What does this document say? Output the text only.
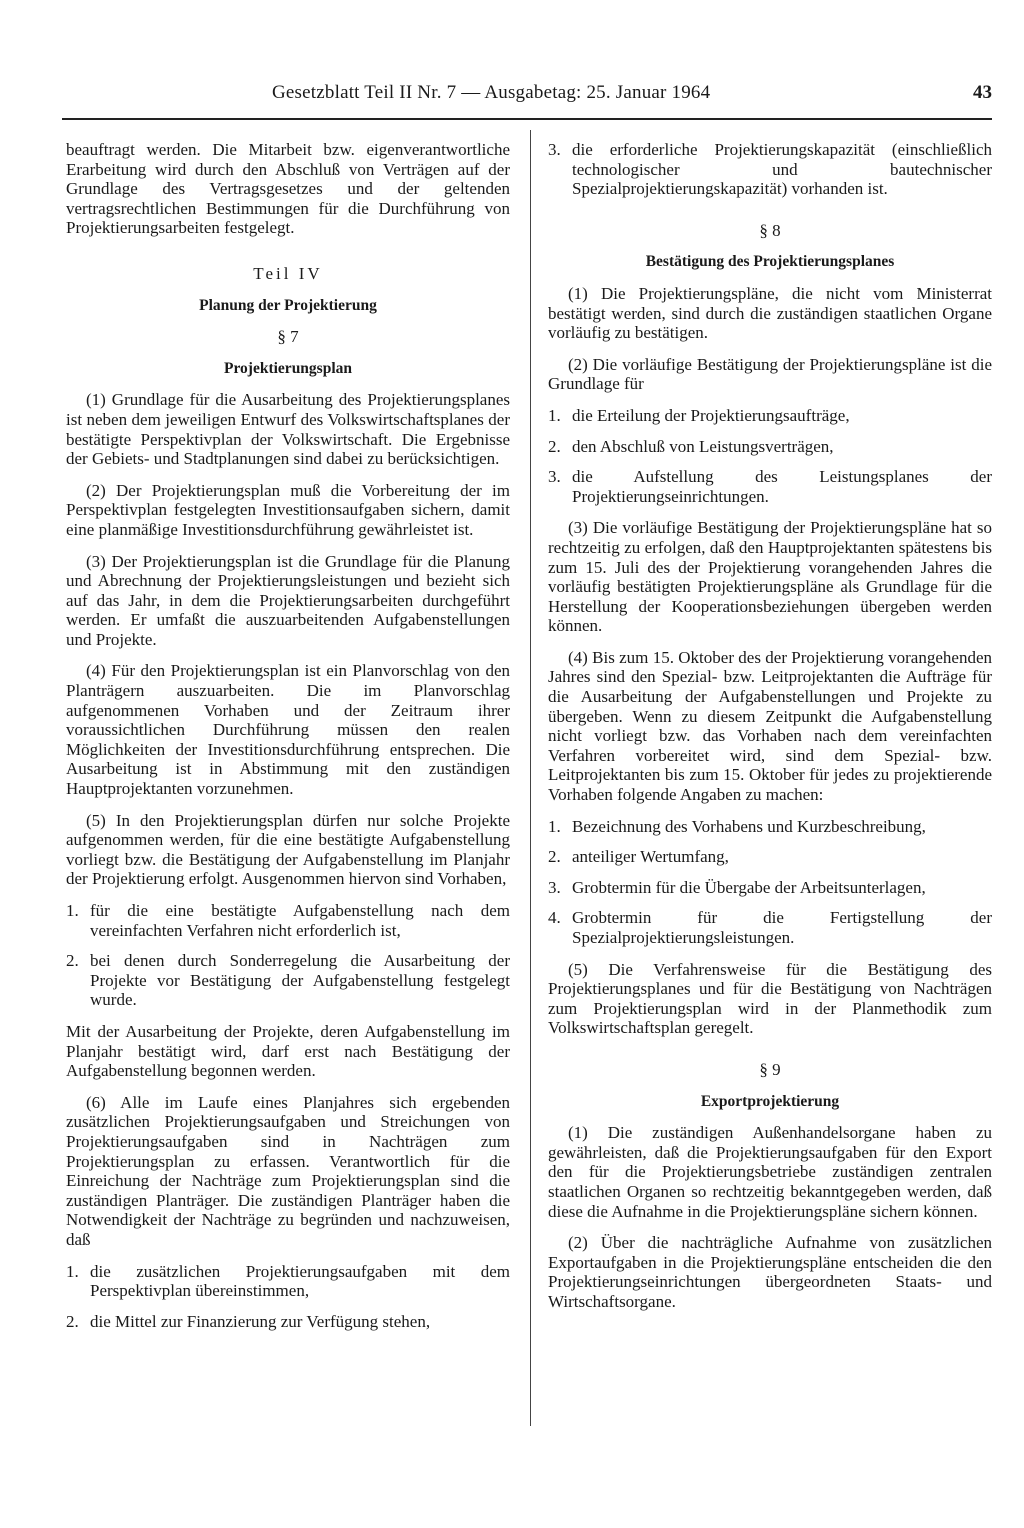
Gesetzblatt Teil II Nr. 7 — Ausgabetag: 25. Januar 1964	43

beauftragt werden. Die Mitarbeit bzw. eigenverantwortliche Erarbeitung wird durch den Abschluß von Verträgen auf der Grundlage des Vertragsgesetzes und der geltenden vertragsrechtlichen Bestimmungen für die Durchführung von Projektierungsarbeiten festgelegt.

Teil IV
Planung der Projektierung
§ 7
Projektierungsplan

(1) Grundlage für die Ausarbeitung des Projektierungsplanes ist neben dem jeweiligen Entwurf des Volkswirtschaftsplanes der bestätigte Perspektivplan der Volkswirtschaft. Die Ergebnisse der Gebiets- und Stadtplanungen sind dabei zu berücksichtigen.

(2) Der Projektierungsplan muß die Vorbereitung der im Perspektivplan festgelegten Investitionsaufgaben sichern, damit eine planmäßige Investitionsdurchführung gewährleistet ist.

(3) Der Projektierungsplan ist die Grundlage für die Planung und Abrechnung der Projektierungsleistungen und bezieht sich auf das Jahr, in dem die Projektierungsarbeiten durchgeführt werden. Er umfaßt die auszuarbeitenden Aufgabenstellungen und Projekte.

(4) Für den Projektierungsplan ist ein Planvorschlag von den Planträgern auszuarbeiten. Die im Planvorschlag aufgenommenen Vorhaben und der Zeitraum ihrer voraussichtlichen Durchführung müssen den realen Möglichkeiten der Investitionsdurchführung entsprechen. Die Ausarbeitung ist in Abstimmung mit den zuständigen Hauptprojektanten vorzunehmen.

(5) In den Projektierungsplan dürfen nur solche Projekte aufgenommen werden, für die eine bestätigte Aufgabenstellung vorliegt bzw. die Bestätigung der Aufgabenstellung im Planjahr der Projektierung erfolgt. Ausgenommen hiervon sind Vorhaben,

1. für die eine bestätigte Aufgabenstellung nach dem vereinfachten Verfahren nicht erforderlich ist,
2. bei denen durch Sonderregelung die Ausarbeitung der Projekte vor Bestätigung der Aufgabenstellung festgelegt wurde.

Mit der Ausarbeitung der Projekte, deren Aufgabenstellung im Planjahr bestätigt wird, darf erst nach Bestätigung der Aufgabenstellung begonnen werden.

(6) Alle im Laufe eines Planjahres sich ergebenden zusätzlichen Projektierungsaufgaben und Streichungen von Projektierungsaufgaben sind in Nachträgen zum Projektierungsplan zu erfassen. Verantwortlich für die Einreichung der Nachträge zum Projektierungsplan sind die zuständigen Planträger. Die zuständigen Planträger haben die Notwendigkeit der Nachträge zu begründen und nachzuweisen, daß

1. die zusätzlichen Projektierungsaufgaben mit dem Perspektivplan übereinstimmen,
2. die Mittel zur Finanzierung zur Verfügung stehen,
3. die erforderliche Projektierungskapazität (einschließlich technologischer und bautechnischer Spezialprojektierungskapazität) vorhanden ist.
§ 8
Bestätigung des Projektierungsplanes

(1) Die Projektierungspläne, die nicht vom Ministerrat bestätigt werden, sind durch die zuständigen staatlichen Organe vorläufig zu bestätigen.

(2) Die vorläufige Bestätigung der Projektierungspläne ist die Grundlage für

1. die Erteilung der Projektierungsaufträge,
2. den Abschluß von Leistungsverträgen,
3. die Aufstellung des Leistungsplanes der Projektierungseinrichtungen.

(3) Die vorläufige Bestätigung der Projektierungspläne hat so rechtzeitig zu erfolgen, daß den Hauptprojektanten spätestens bis zum 15. Juli des der Projektierung vorangehenden Jahres die vorläufig bestätigten Projektierungspläne als Grundlage für die Herstellung der Kooperationsbeziehungen übergeben werden können.

(4) Bis zum 15. Oktober des der Projektierung vorangehenden Jahres sind den Spezial- bzw. Leitprojektanten die Aufträge für die Ausarbeitung der Aufgabenstellungen und Projekte zu übergeben. Wenn zu diesem Zeitpunkt die Aufgabenstellung nicht vorliegt bzw. das Vorhaben nach dem vereinfachten Verfahren vorbereitet wird, sind dem Spezial- bzw. Leitprojektanten bis zum 15. Oktober für jedes zu projektierende Vorhaben folgende Angaben zu machen:

1. Bezeichnung des Vorhabens und Kurzbeschreibung,
2. anteiliger Wertumfang,
3. Grobtermin für die Übergabe der Arbeitsunterlagen,
4. Grobtermin für die Fertigstellung der Spezialprojektierungsleistungen.

(5) Die Verfahrensweise für die Bestätigung des Projektierungsplanes und für die Bestätigung von Nachträgen zum Projektierungsplan wird in der Planmethodik zum Volkswirtschaftsplan geregelt.

§ 9
Exportprojektierung

(1) Die zuständigen Außenhandelsorgane haben zu gewährleisten, daß die Projektierungsaufgaben für den Export den für die Projektierungsbetriebe zuständigen zentralen staatlichen Organen so rechtzeitig bekanntgegeben werden, daß diese die Aufnahme in die Projektierungspläne sichern können.

(2) Über die nachträgliche Aufnahme von zusätzlichen Exportaufgaben in die Projektierungspläne entscheiden die den Projektierungseinrichtungen übergeordneten Staats- und Wirtschaftsorgane.
